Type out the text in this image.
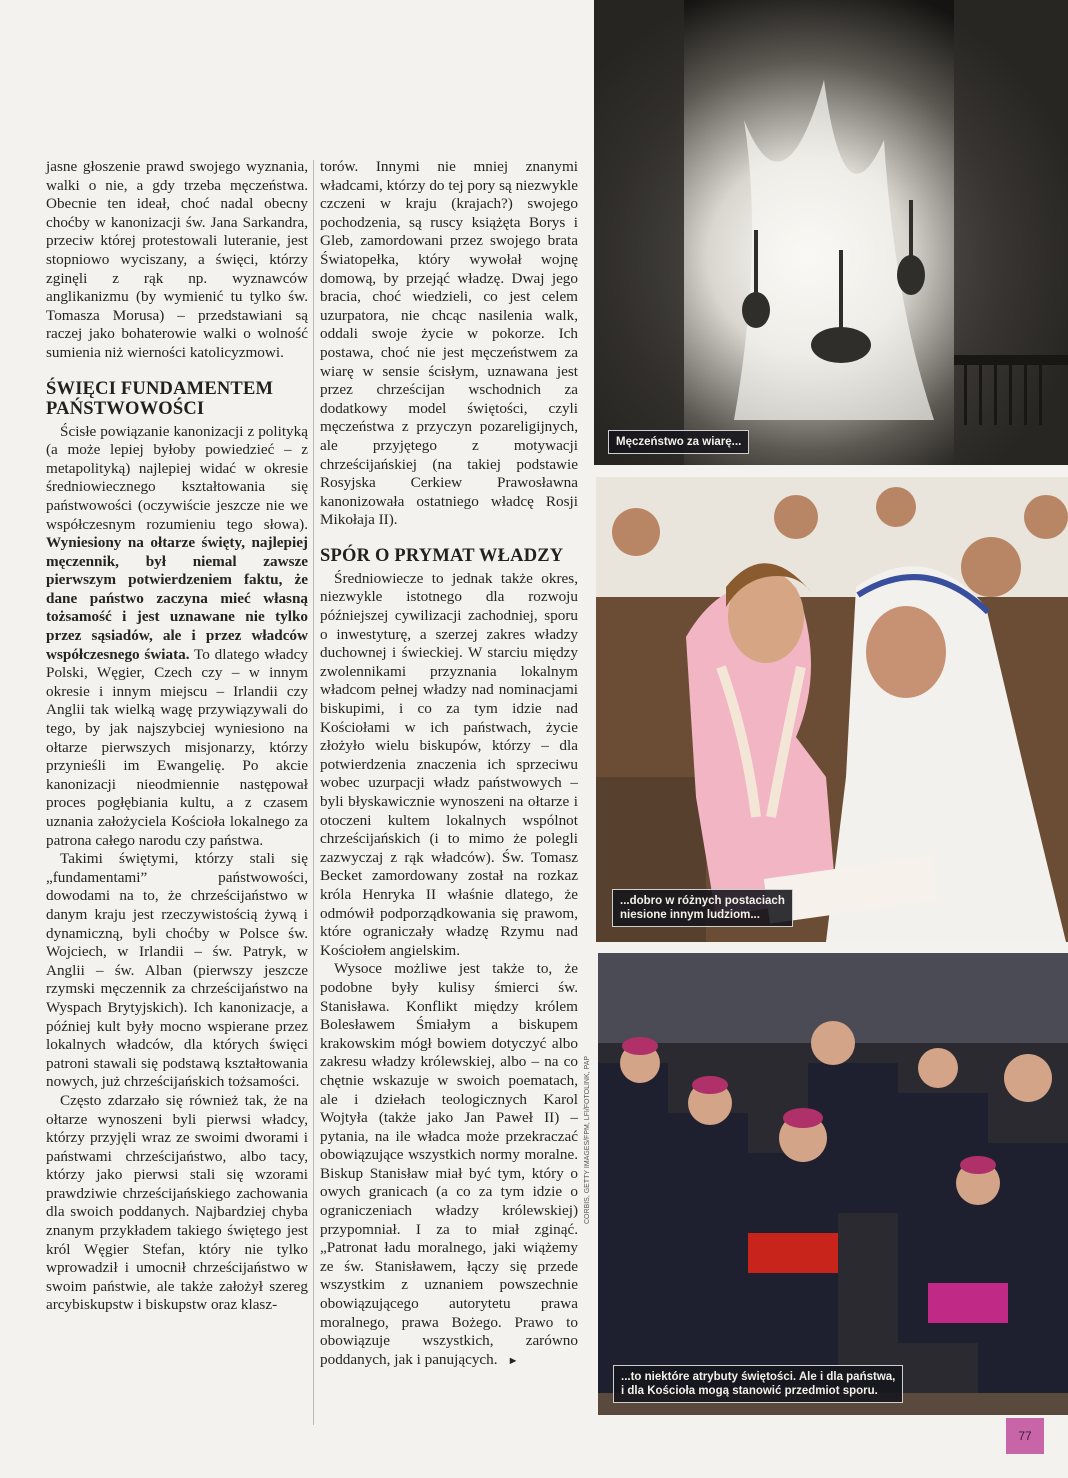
jasne głoszenie prawd swojego wyznania, walki o nie, a gdy trzeba męczeństwa. Obecnie ten ideał, choć nadal obecny choćby w kanonizacji św. Jana Sarkandra, przeciw której protestowali luteranie, jest stopniowo wyciszany, a święci, którzy zginęli z rąk np. wyznawców anglikanizmu (by wymienić tu tylko św. Tomasza Morusa) – przedstawiani są raczej jako bohaterowie walki o wolność sumienia niż wierności katolicyzmowi.

ŚWIĘCI FUNDAMENTEM PAŃSTWOWOŚCI

Ścisłe powiązanie kanonizacji z polityką (a może lepiej byłoby powiedzieć – z metapolityką) najlepiej widać w okresie średniowiecznego kształtowania się państwowości (oczywiście jeszcze nie we współczesnym rozumieniu tego słowa). Wyniesiony na ołtarze święty, najlepiej męczennik, był niemal zawsze pierwszym potwierdzeniem faktu, że dane państwo zaczyna mieć własną tożsamość i jest uznawane nie tylko przez sąsiadów, ale i przez władców współczesnego świata. To dlatego władcy Polski, Węgier, Czech czy – w innym okresie i innym miejscu – Irlandii czy Anglii tak wielką wagę przywiązywali do tego, by jak najszybciej wyniesiono na ołtarze pierwszych misjonarzy, którzy przynieśli im Ewangelię. Po akcie kanonizacji nieodmiennie następował proces pogłębiania kultu, a z czasem uznania założyciela Kościoła lokalnego za patrona całego narodu czy państwa.

Takimi świętymi, którzy stali się „fundamentami” państwowości, dowodami na to, że chrześcijaństwo w danym kraju jest rzeczywistością żywą i dynamiczną, byli choćby w Polsce św. Wojciech, w Irlandii – św. Patryk, w Anglii – św. Alban (pierwszy jeszcze rzymski męczennik za chrześcijaństwo na Wyspach Brytyjskich). Ich kanonizacje, a później kult były mocno wspierane przez lokalnych władców, dla których święci patroni stawali się podstawą kształtowania nowych, już chrześcijańskich tożsamości.

Często zdarzało się również tak, że na ołtarze wynoszeni byli pierwsi władcy, którzy przyjęli wraz ze swoimi dworami i państwami chrześcijaństwo, albo tacy, którzy jako pierwsi stali się wzorami prawdziwie chrześcijańskiego zachowania dla swoich poddanych. Najbardziej chyba znanym przykładem takiego świętego jest król Węgier Stefan, który nie tylko wprowadził i umocnił chrześcijaństwo w swoim państwie, ale także założył szereg arcybiskupstw i biskupstw oraz klasz-

torów. Innymi nie mniej znanymi władcami, którzy do tej pory są niezwykle czczeni w kraju (krajach?) swojego pochodzenia, są ruscy książęta Borys i Gleb, zamordowani przez swojego brata Światopełka, który wywołał wojnę domową, by przejąć władzę. Dwaj jego bracia, choć wiedzieli, co jest celem uzurpatora, nie chcąc nasilenia walk, oddali swoje życie w pokorze. Ich postawa, choć nie jest męczeństwem za wiarę w sensie ścisłym, uznawana jest przez chrześcijan wschodnich za dodatkowy model świętości, czyli męczeństwa z przyczyn pozareligijnych, ale przyjętego z motywacji chrześcijańskiej (na takiej podstawie Rosyjska Cerkiew Prawosławna kanonizowała ostatniego władcę Rosji Mikołaja II).

SPÓR O PRYMAT WŁADZY

Średniowiecze to jednak także okres, niezwykle istotnego dla rozwoju późniejszej cywilizacji zachodniej, sporu o inwestyturę, a szerzej zakres władzy duchownej i świeckiej. W starciu między zwolennikami przyznania lokalnym władcom pełnej władzy nad nominacjami biskupimi, i co za tym idzie nad Kościołami w ich państwach, życie złożyło wielu biskupów, którzy – dla potwierdzenia znaczenia ich sprzeciwu wobec uzurpacji władz państwowych – byli błyskawicznie wynoszeni na ołtarze i otoczeni kultem lokalnych wspólnot chrześcijańskich (i to mimo że polegli zazwyczaj z rąk władców). Św. Tomasz Becket zamordowany został na rozkaz króla Henryka II właśnie dlatego, że odmówił podporządkowania się prawom, które ograniczały władzę Rzymu nad Kościołem angielskim.

Wysoce możliwe jest także to, że podobne były kulisy śmierci św. Stanisława. Konflikt między królem Bolesławem Śmiałym a biskupem krakowskim mógł bowiem dotyczyć albo zakresu władzy królewskiej, albo – na co chętnie wskazuje w swoich poematach, ale i dziełach teologicznych Karol Wojtyła (także jako Jan Paweł II) – pytania, na ile władca może przekraczać obowiązujące wszystkich normy moralne. Biskup Stanisław miał być tym, który o owych granicach (a co za tym idzie o ograniczeniach władzy królewskiej) przypomniał. I za to miał zginąć. „Patronat ładu moralnego, jaki wiążemy ze św. Stanisławem, łączy się przede wszystkim z uznaniem powszechnie obowiązującego autorytetu prawa moralnego, prawa Bożego. Prawo to obowiązuje wszystkich, zarówno poddanych, jak i panujących. ►

Męczeństwo za wiarę...
...dobro w różnych postaciach
niesione innym ludziom...
...to niektóre atrybuty świętości. Ale i dla państwa,
i dla Kościoła mogą stanowić przedmiot sporu.
CORBIS, GETTY IMAGES/FPM, LFI/FOTOLINK, PAP
77
